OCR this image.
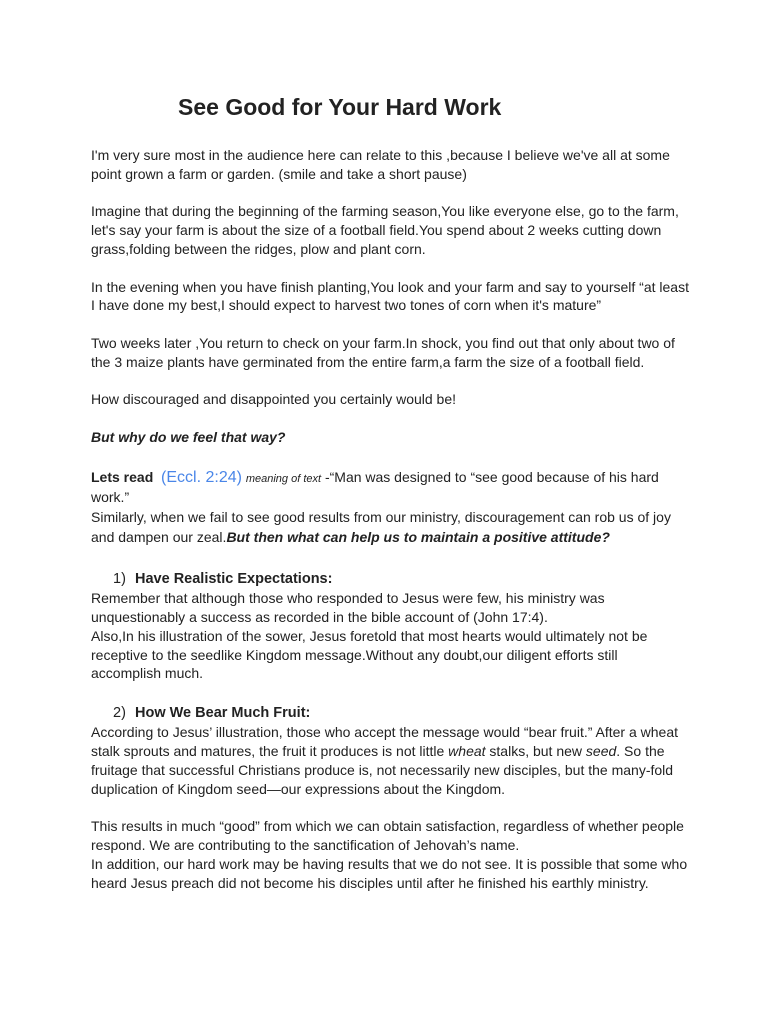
See Good for Your Hard Work

I'm very sure most in the audience here can relate to this ,because I believe we've all at some point grown a farm or garden. (smile and take a short pause)

Imagine that during the beginning of the farming season,You like everyone else, go to the farm, let's say your farm is about the size of a football field.You spend about 2 weeks cutting down grass,folding between the ridges, plow and plant corn.

In the evening when you have finish planting,You look and your farm and say to yourself “at least I have done my best,I should expect to harvest two tones of corn when it's mature”

Two weeks later ,You return to check on your farm.In shock, you find out that only about two of the 3 maize plants have germinated from the entire farm,a farm the size of a football field.

How discouraged and disappointed you certainly would be!

But why do we feel that way?

Lets read (Eccl. 2:24) meaning of text -“Man was designed to “see good because of his hard work.”

Similarly, when we fail to see good results from our ministry, discouragement can rob us of joy and dampen our zeal.But then what can help us to maintain a positive attitude?

1) Have Realistic Expectations:

Remember that although those who responded to Jesus were few, his ministry was unquestionably a success as recorded in the bible account of (John 17:4).

Also,In his illustration of the sower, Jesus foretold that most hearts would ultimately not be receptive to the seedlike Kingdom message.Without any doubt,our diligent efforts still accomplish much.

2) How We Bear Much Fruit:

According to Jesus’ illustration, those who accept the message would “bear fruit.” After a wheat stalk sprouts and matures, the fruit it produces is not little wheat stalks, but new seed. So the fruitage that successful Christians produce is, not necessarily new disciples, but the many-fold duplication of Kingdom seed—our expressions about the Kingdom.

This results in much “good” from which we can obtain satisfaction, regardless of whether people respond. We are contributing to the sanctification of Jehovah’s name.

In addition, our hard work may be having results that we do not see. It is possible that some who heard Jesus preach did not become his disciples until after he finished his earthly ministry.
